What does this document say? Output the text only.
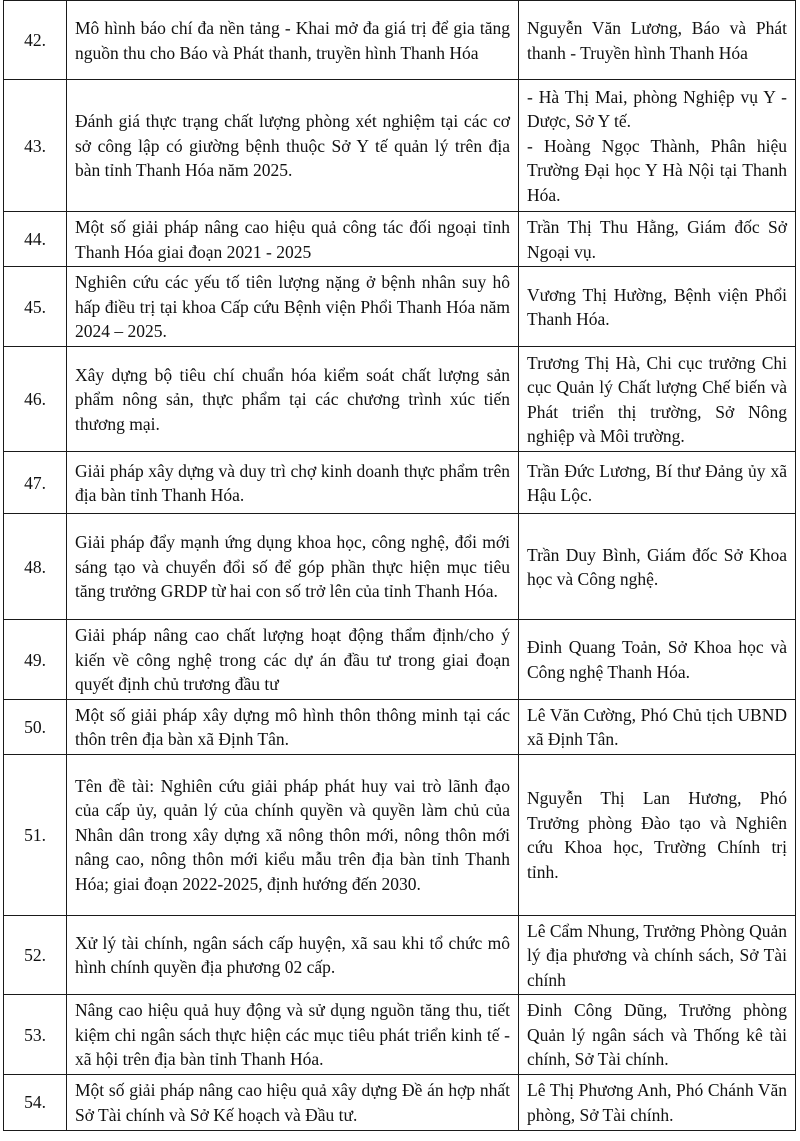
42.	Mô hình báo chí đa nền tảng - Khai mở đa giá trị để gia tăng nguồn thu cho Báo và Phát thanh, truyền hình Thanh Hóa	Nguyễn Văn Lương, Báo và Phát thanh - Truyền hình Thanh Hóa

43.	Đánh giá thực trạng chất lượng phòng xét nghiệm tại các cơ sở công lập có giường bệnh thuộc Sở Y tế quản lý trên địa bàn tỉnh Thanh Hóa năm 2025.	- Hà Thị Mai, phòng Nghiệp vụ Y - Dược, Sở Y tế.
- Hoàng Ngọc Thành, Phân hiệu Trường Đại học Y Hà Nội tại Thanh Hóa.

44.	Một số giải pháp nâng cao hiệu quả công tác đối ngoại tỉnh Thanh Hóa giai đoạn 2021 - 2025	Trần Thị Thu Hằng, Giám đốc Sở Ngoại vụ.

45.	Nghiên cứu các yếu tố tiên lượng nặng ở bệnh nhân suy hô hấp điều trị tại khoa Cấp cứu Bệnh viện Phổi Thanh Hóa năm 2024 – 2025.	Vương Thị Hường, Bệnh viện Phổi Thanh Hóa.

46.	Xây dựng bộ tiêu chí chuẩn hóa kiểm soát chất lượng sản phẩm nông sản, thực phẩm tại các chương trình xúc tiến thương mại.	Trương Thị Hà, Chi cục trưởng Chi cục Quản lý Chất lượng Chế biến và Phát triển thị trường, Sở Nông nghiệp và Môi trường.

47.	Giải pháp xây dựng và duy trì chợ kinh doanh thực phẩm trên địa bàn tỉnh Thanh Hóa.	Trần Đức Lương, Bí thư Đảng ủy xã Hậu Lộc.

48.	Giải pháp đẩy mạnh ứng dụng khoa học, công nghệ, đổi mới sáng tạo và chuyển đổi số để góp phần thực hiện mục tiêu tăng trưởng GRDP từ hai con số trở lên của tỉnh Thanh Hóa.	Trần Duy Bình, Giám đốc Sở Khoa học và Công nghệ.

49.	Giải pháp nâng cao chất lượng hoạt động thẩm định/cho ý kiến về công nghệ trong các dự án đầu tư trong giai đoạn quyết định chủ trương đầu tư	Đinh Quang Toản, Sở Khoa học và Công nghệ Thanh Hóa.

50.	Một số giải pháp xây dựng mô hình thôn thông minh tại các thôn trên địa bàn xã Định Tân.	Lê Văn Cường, Phó Chủ tịch UBND xã Định Tân.

51.	Tên đề tài: Nghiên cứu giải pháp phát huy vai trò lãnh đạo của cấp ủy, quản lý của chính quyền và quyền làm chủ của Nhân dân trong xây dựng xã nông thôn mới, nông thôn mới nâng cao, nông thôn mới kiểu mẫu trên địa bàn tỉnh Thanh Hóa; giai đoạn 2022-2025, định hướng đến 2030.	Nguyễn Thị Lan Hương, Phó Trưởng phòng Đào tạo và Nghiên cứu Khoa học, Trường Chính trị tỉnh.

52.	Xử lý tài chính, ngân sách cấp huyện, xã sau khi tổ chức mô hình chính quyền địa phương 02 cấp.	Lê Cẩm Nhung, Trưởng Phòng Quản lý địa phương và chính sách, Sở Tài chính

53.	Nâng cao hiệu quả huy động và sử dụng nguồn tăng thu, tiết kiệm chi ngân sách thực hiện các mục tiêu phát triển kinh tế - xã hội trên địa bàn tỉnh Thanh Hóa.	Đinh Công Dũng, Trưởng phòng Quản lý ngân sách và Thống kê tài chính, Sở Tài chính.

54.	Một số giải pháp nâng cao hiệu quả xây dựng Đề án hợp nhất Sở Tài chính và Sở Kế hoạch và Đầu tư.	Lê Thị Phương Anh, Phó Chánh Văn phòng, Sở Tài chính.
